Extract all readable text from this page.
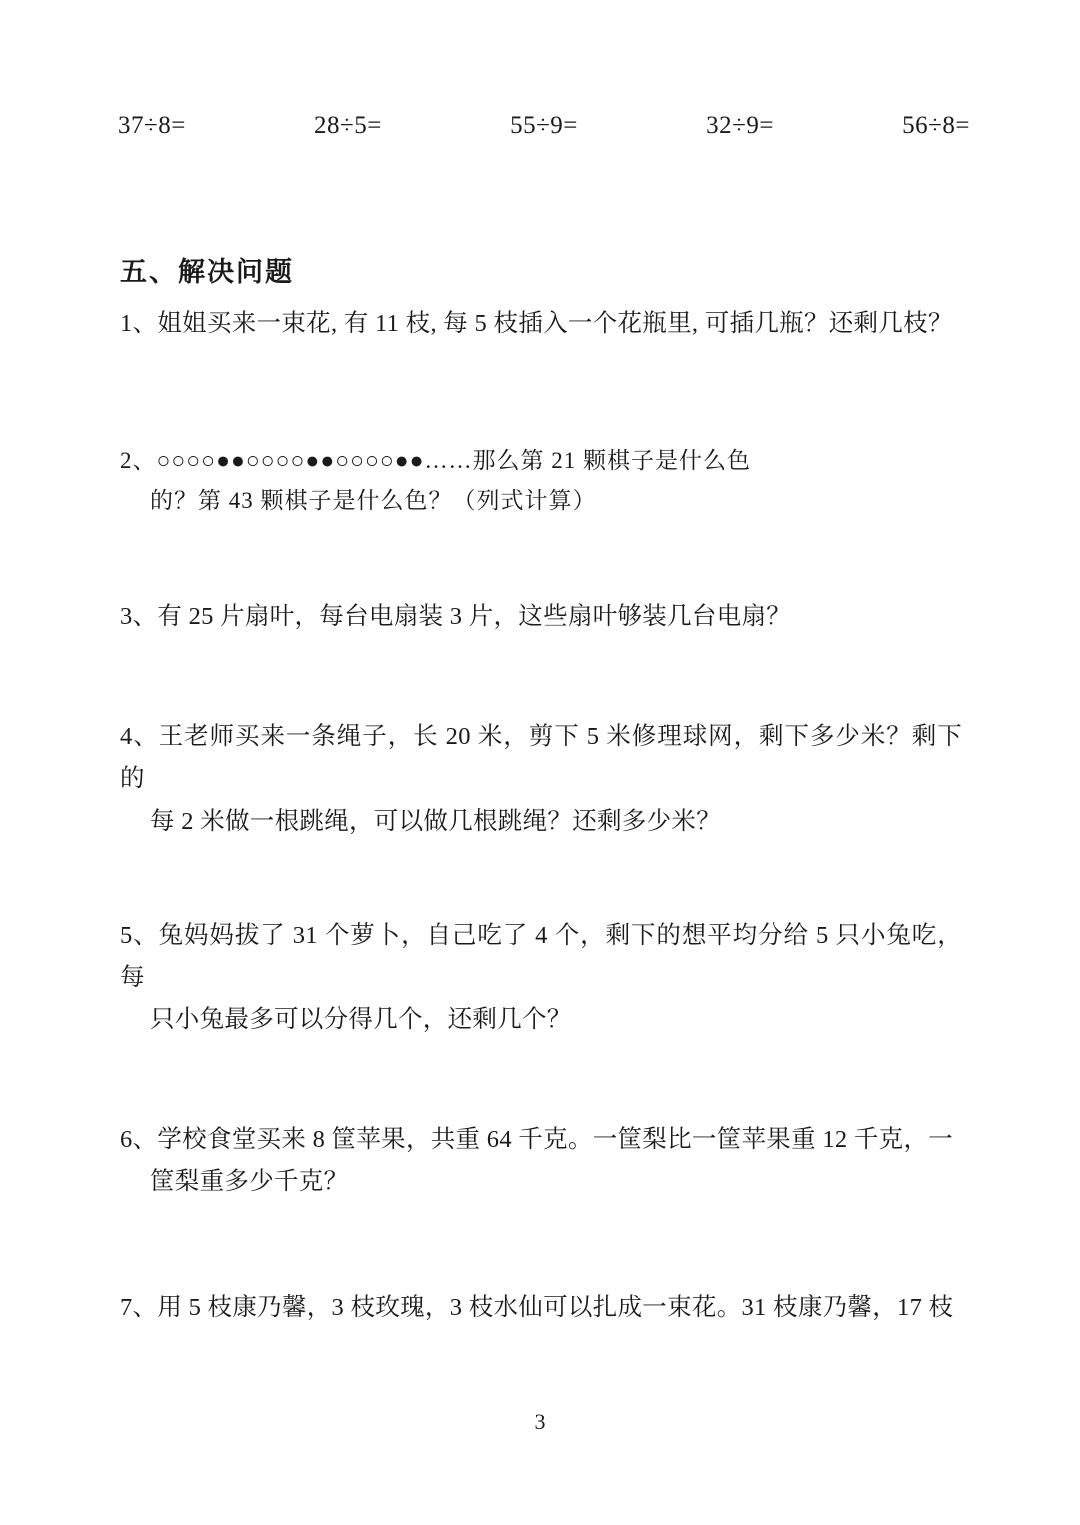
37÷8=	28÷5=	55÷9=	32÷9=	56÷8=
五、解决问题

1、姐姐买来一束花, 有 11 枝, 每 5 枝插入一个花瓶里, 可插几瓶？还剩几枝？

2、○○○○●●○○○○●●○○○○●●……那么第 21 颗棋子是什么色
的？第 43 颗棋子是什么色？（列式计算）

3、有 25 片扇叶，每台电扇装 3 片，这些扇叶够装几台电扇？

4、王老师买来一条绳子，长 20 米，剪下 5 米修理球网，剩下多少米？剩下的
每 2 米做一根跳绳，可以做几根跳绳？还剩多少米？

5、兔妈妈拔了 31 个萝卜，自己吃了 4 个，剩下的想平均分给 5 只小兔吃，每
只小兔最多可以分得几个，还剩几个？

6、学校食堂买来 8 筐苹果，共重 64 千克。一筐梨比一筐苹果重 12 千克，一
筐梨重多少千克？

7、用 5 枝康乃馨，3 枝玫瑰，3 枝水仙可以扎成一束花。31 枝康乃馨，17 枝

3
